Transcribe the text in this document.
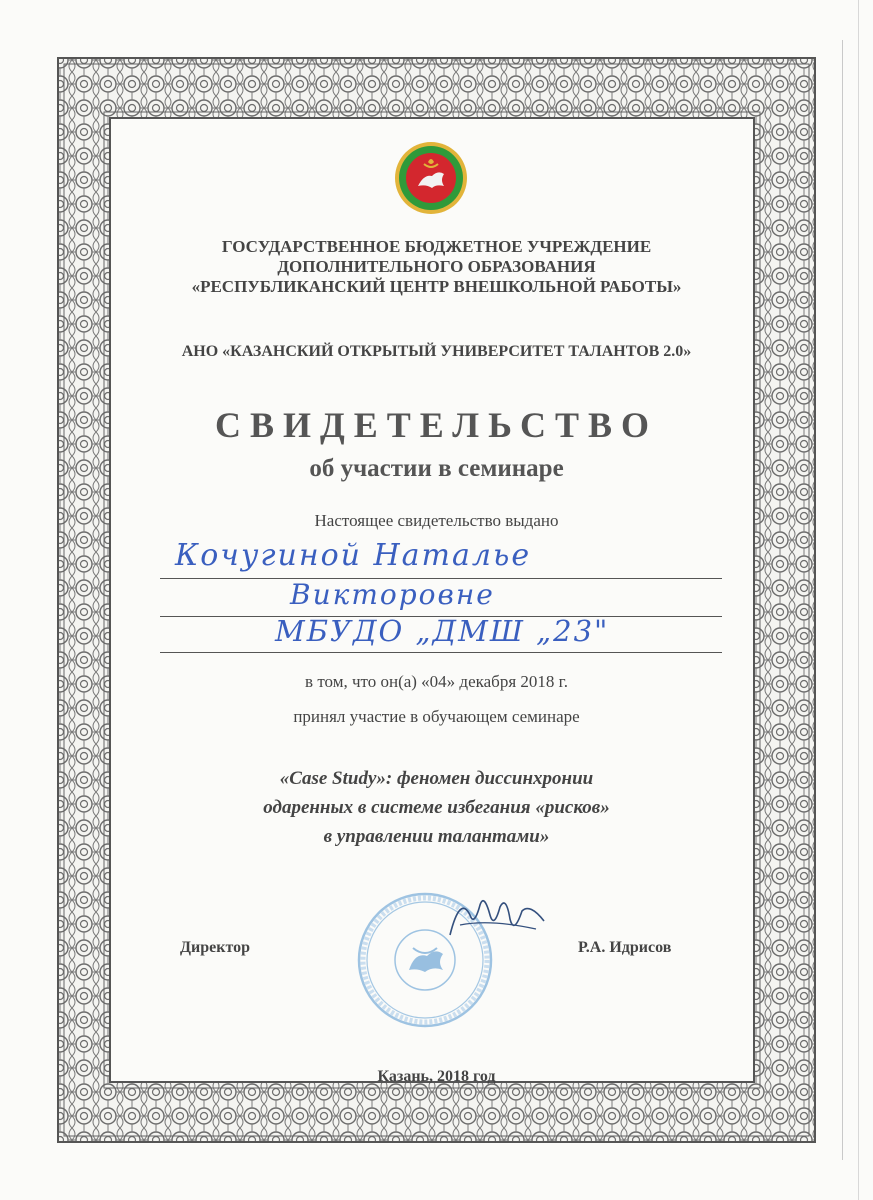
ГОСУДАРСТВЕННОЕ БЮДЖЕТНОЕ УЧРЕЖДЕНИЕ
ДОПОЛНИТЕЛЬНОГО ОБРАЗОВАНИЯ
«РЕСПУБЛИКАНСКИЙ ЦЕНТР ВНЕШКОЛЬНОЙ РАБОТЫ»
АНО «КАЗАНСКИЙ ОТКРЫТЫЙ УНИВЕРСИТЕТ ТАЛАНТОВ 2.0»
СВИДЕТЕЛЬСТВО
об участии в семинаре
Настоящее свидетельство выдано
Кочугиной Наталье
Викторовне
МБУДО „ДМШ „23"
в том, что он(а) «04» декабря 2018 г.
принял участие в обучающем семинаре
«Case Study»: феномен диссинхронии
одаренных в системе избегания «рисков»
в управлении талантами»
Директор	Р.А. Идрисов
Казань, 2018 год
